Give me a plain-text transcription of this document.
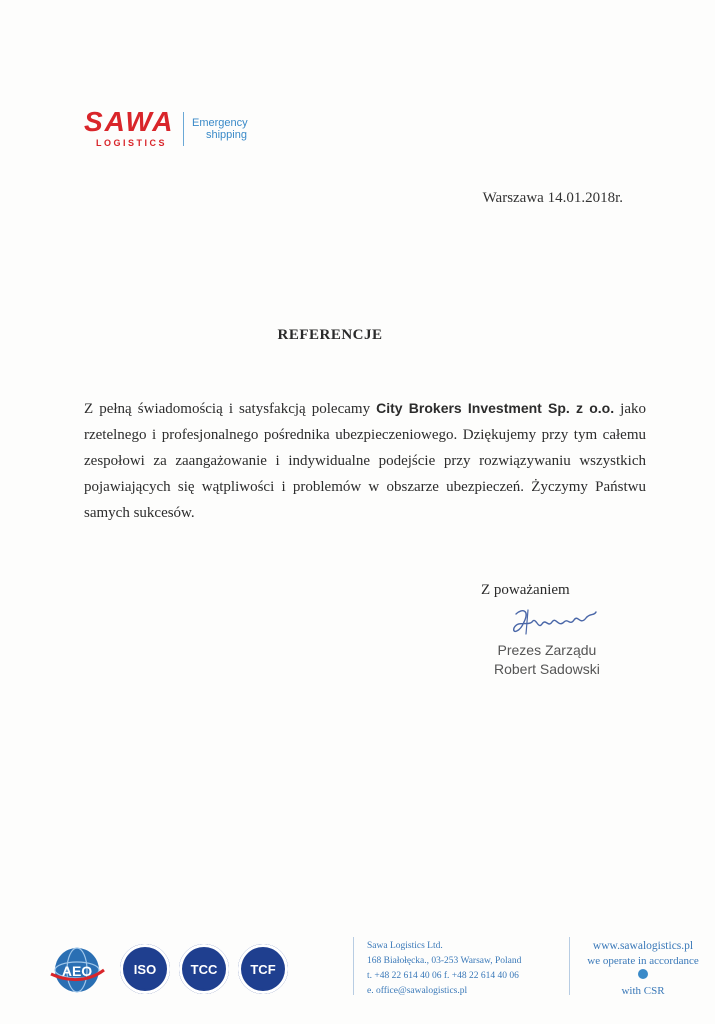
SAWA
LOGISTICS
Emergency
shipping
Warszawa 14.01.2018r.
REFERENCJE
Z pełną świadomością i satysfakcją polecamy City Brokers Investment Sp. z o.o. jako rzetelnego i profesjonalnego pośrednika ubezpieczeniowego. Dziękujemy przy tym całemu zespołowi za zaangażowanie i indywidualne podejście przy rozwiązywaniu wszystkich pojawiających się wątpliwości i problemów w obszarze ubezpieczeń. Życzymy Państwu samych sukcesów.
Z poważaniem
Prezes Zarządu
Robert Sadowski
AEO	ISO	TCC	TCF
Sawa Logistics Ltd.
168 Białołęcka., 03-253 Warsaw, Poland
t. +48 22 614 40 06 f. +48 22 614 40 06
e. office@sawalogistics.pl
www.sawalogistics.pl
we operate in accordance
with CSR
